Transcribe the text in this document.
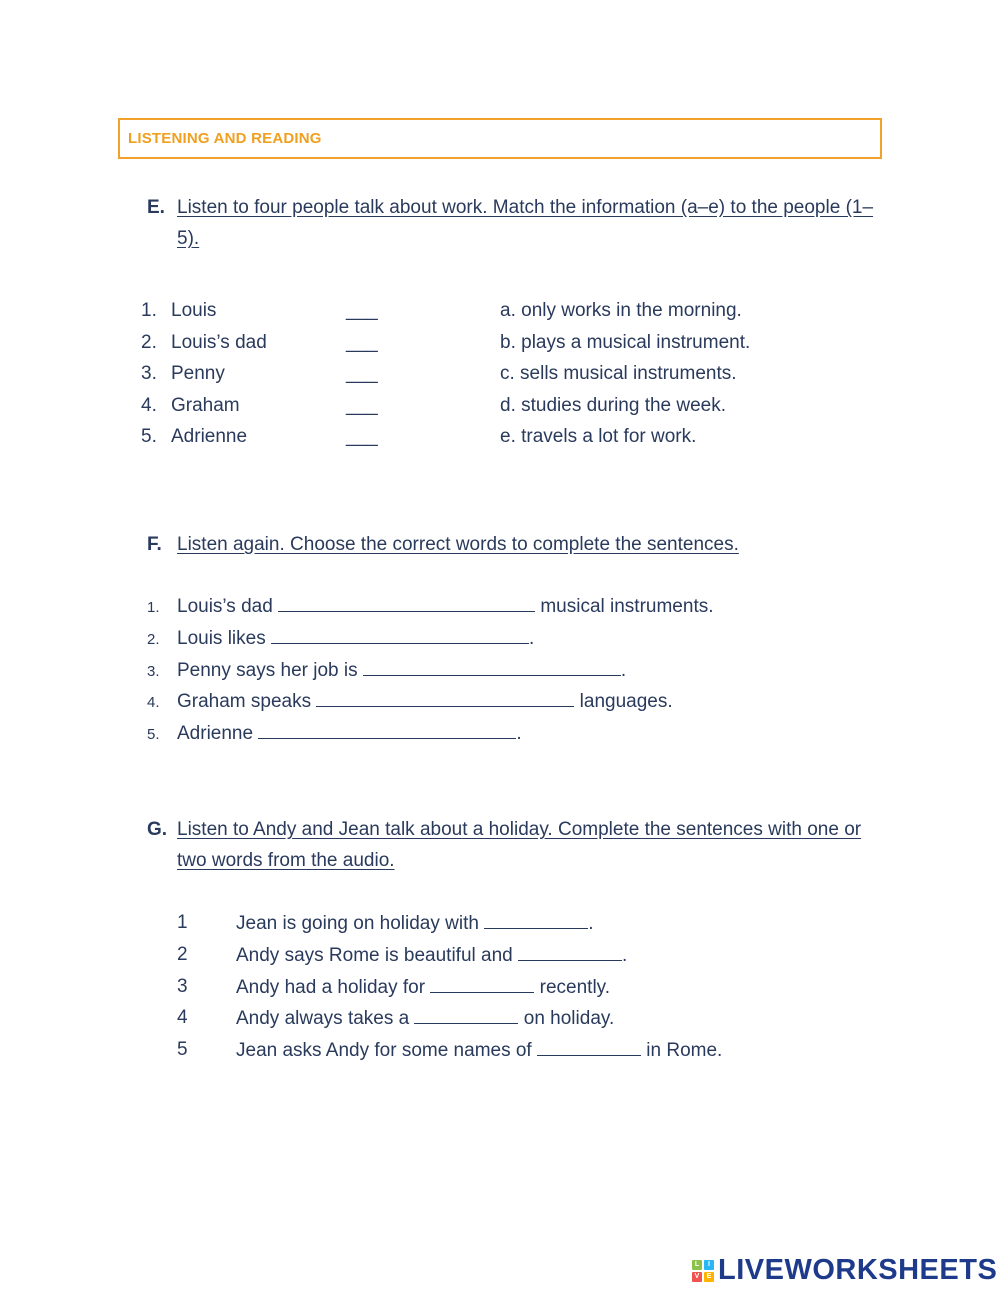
LISTENING AND READING
E. Listen to four people talk about work. Match the information (a–e) to the people (1–5).
1. Louis	___
2. Louis’s dad	___
3. Penny	___
4. Graham	___
5. Adrienne	___
a. only works in the morning.
b. plays a musical instrument.
c. sells musical instruments.
d. studies during the week.
e. travels a lot for work.
F. Listen again. Choose the correct words to complete the sentences.
1. Louis’s dad	musical instruments.
2. Louis likes	.
3. Penny says her job is	.
4. Graham speaks	languages.
5. Adrienne	.
G. Listen to Andy and Jean talk about a holiday. Complete the sentences with one or two words from the audio.
1	Jean is going on holiday with	.
2	Andy says Rome is beautiful and	.
3	Andy had a holiday for	recently.
4	Andy always takes a	on holiday.
5	Jean asks Andy for some names of	in Rome.
L	I
V	E LIVEWORKSHEETS
